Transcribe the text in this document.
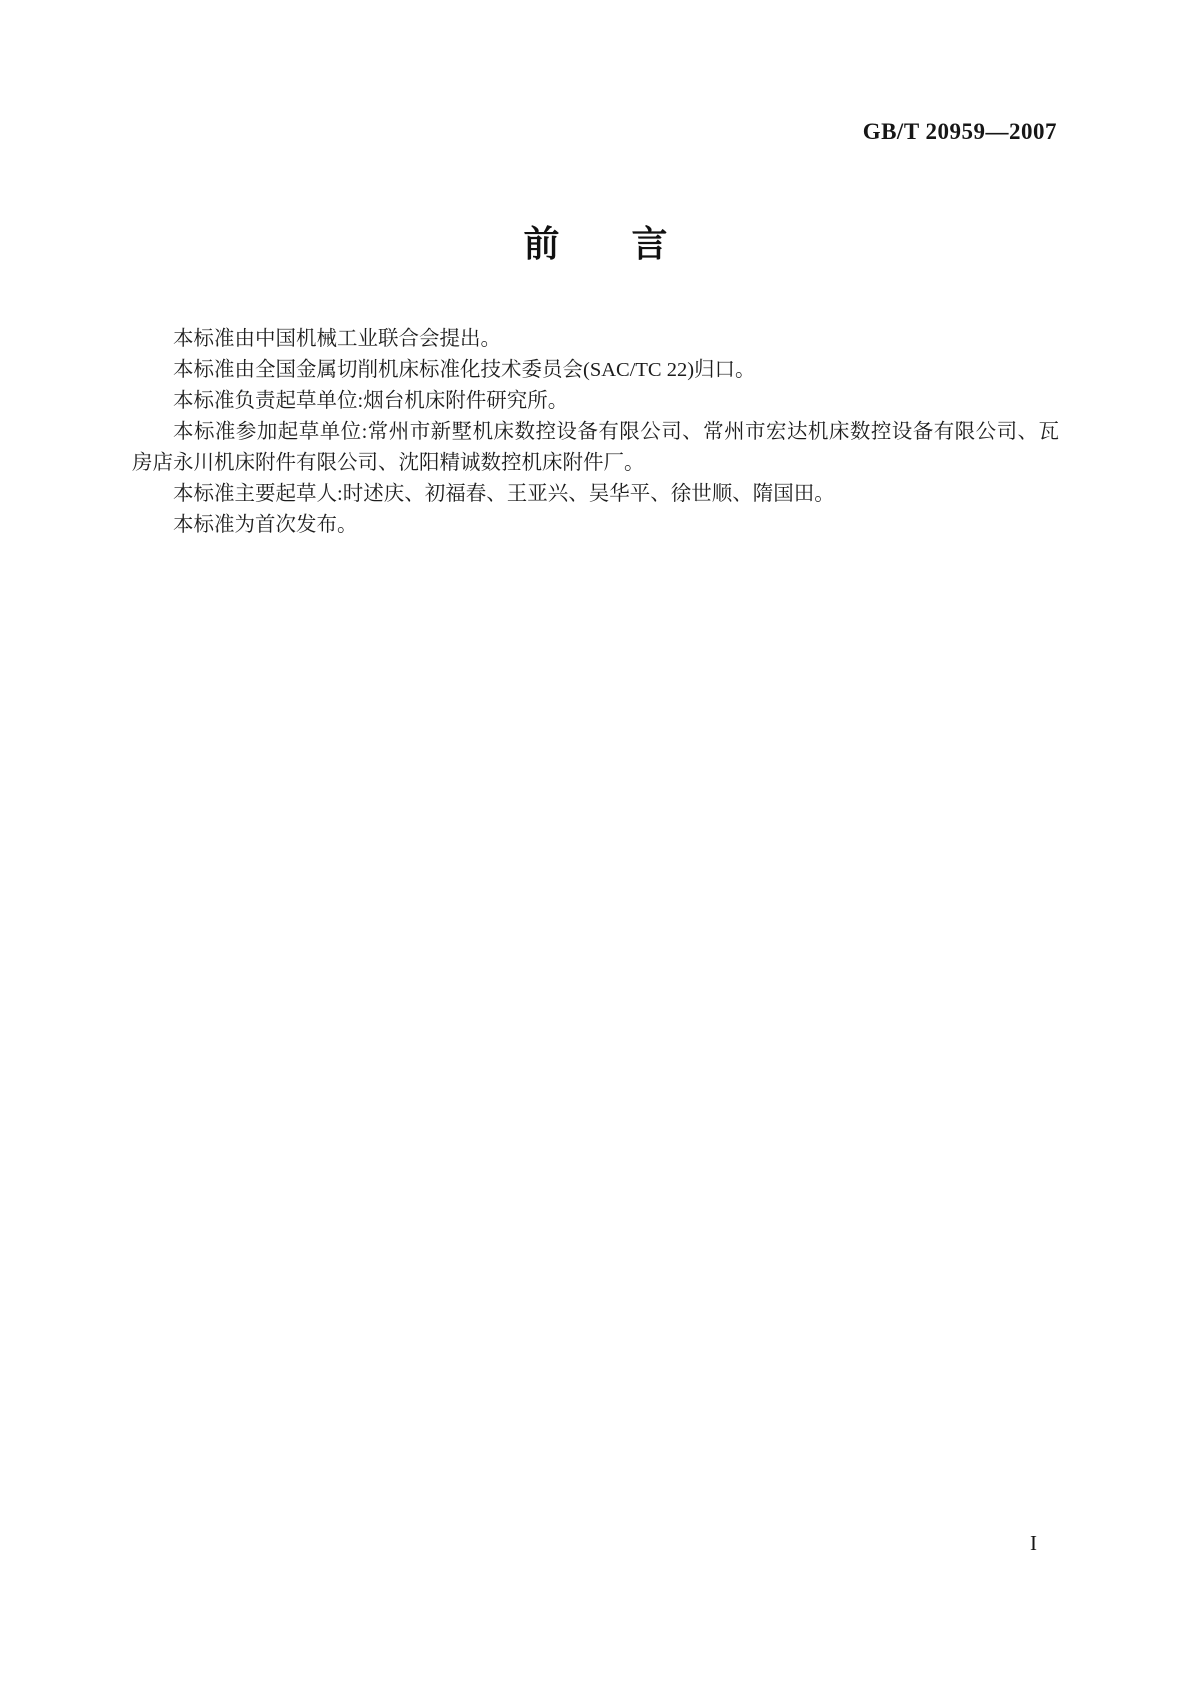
GB/T 20959—2007
前　　言

本标准由中国机械工业联合会提出。

本标准由全国金属切削机床标准化技术委员会(SAC/TC 22)归口。

本标准负责起草单位:烟台机床附件研究所。

本标准参加起草单位:常州市新墅机床数控设备有限公司、常州市宏达机床数控设备有限公司、瓦房店永川机床附件有限公司、沈阳精诚数控机床附件厂。

本标准主要起草人:时述庆、初福春、王亚兴、吴华平、徐世顺、隋国田。

本标准为首次发布。

I
